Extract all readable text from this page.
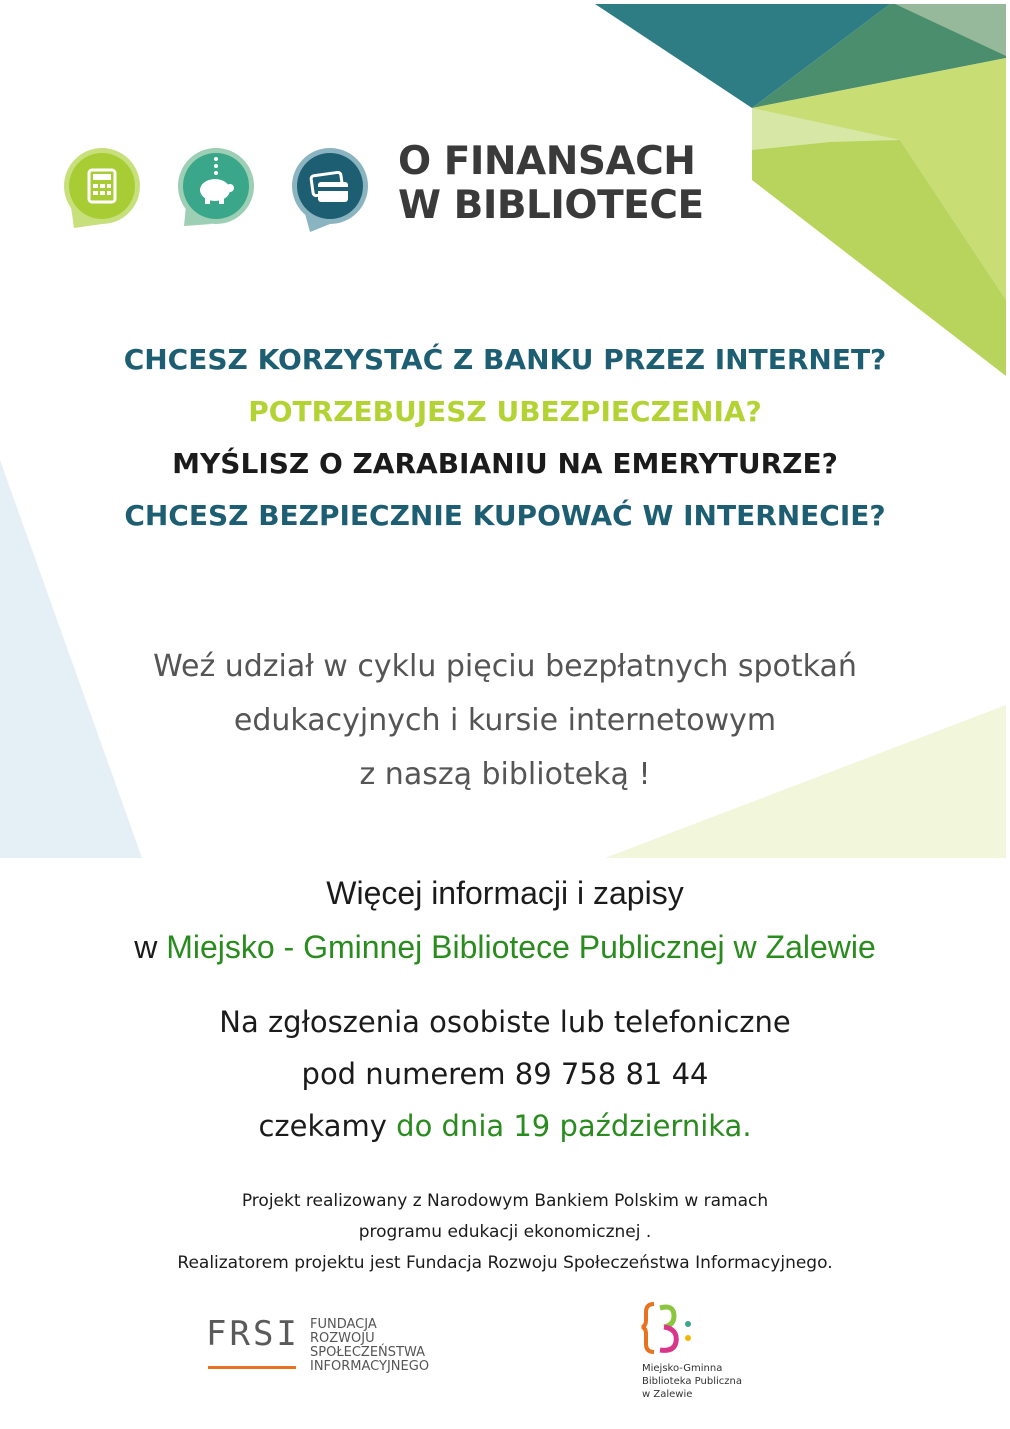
O FINANSACH
W BIBLIOTECE
CHCESZ KORZYSTAĆ Z BANKU PRZEZ INTERNET?
POTRZEBUJESZ UBEZPIECZENIA?
MYŚLISZ O ZARABIANIU NA EMERYTURZE?
CHCESZ BEZPIECZNIE KUPOWAĆ W INTERNECIE?
Weź udział w cyklu pięciu bezpłatnych spotkań
edukacyjnych i kursie internetowym
z naszą biblioteką !
Więcej informacji i zapisy
w Miejsko - Gminnej Bibliotece Publicznej w Zalewie
Na zgłoszenia osobiste lub telefoniczne
pod numerem 89 758 81 44
czekamy do dnia 19 października.
Projekt realizowany z Narodowym Bankiem Polskim w ramach
programu edukacji ekonomicznej .
Realizatorem projektu jest Fundacja Rozwoju Społeczeństwa Informacyjnego.
FRSI FUNDACJA
ROZWOJU
SPOŁECZEŃSTWA
INFORMACYJNEGO	Miejsko-Gminna
Biblioteka Publiczna
w Zalewie
